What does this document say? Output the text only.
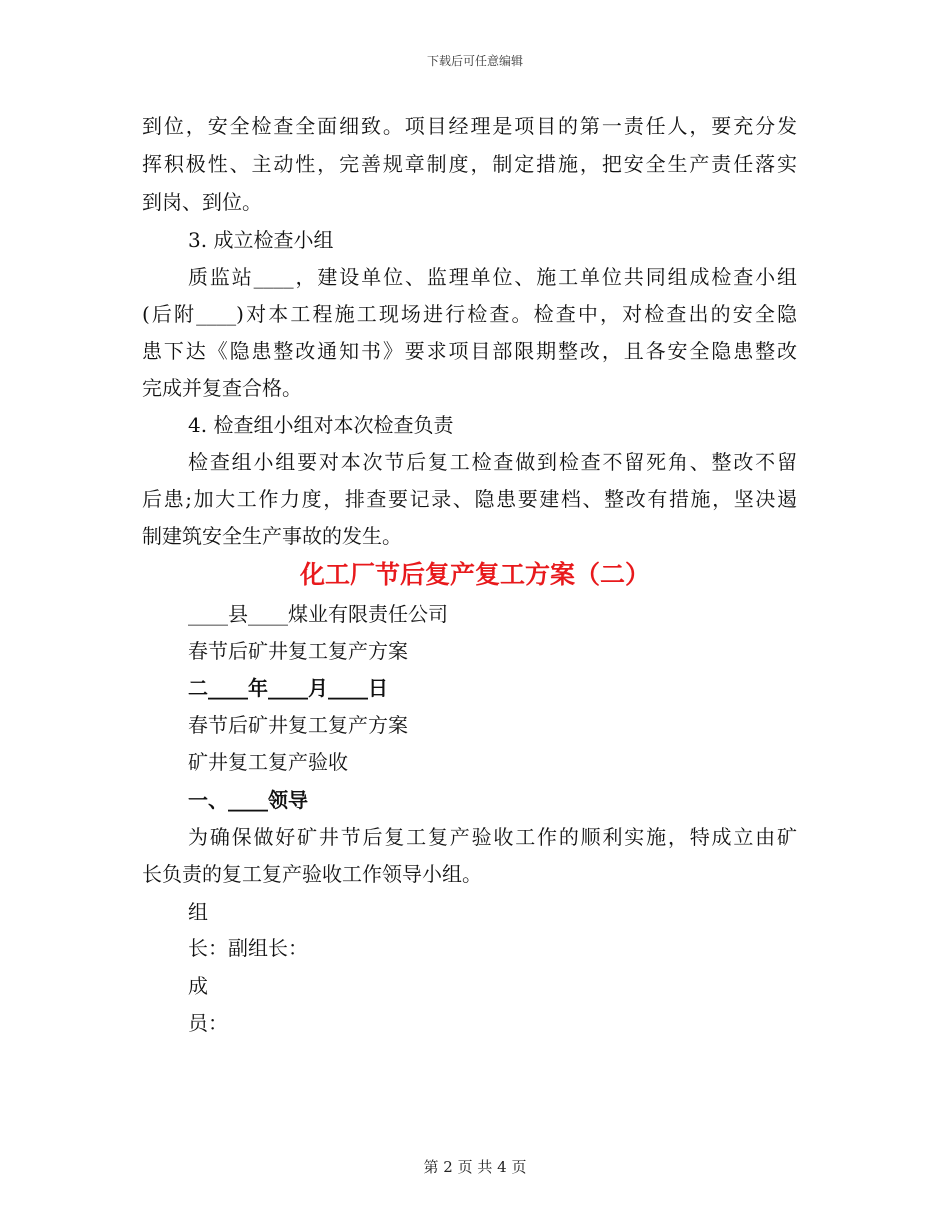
下载后可任意编辑
到位，安全检查全面细致。项目经理是项目的第一责任人，要充分发
挥积极性、主动性，完善规章制度，制定措施，把安全生产责任落实
到岗、到位。
3. 成立检查小组
质监站____，建设单位、监理单位、施工单位共同组成检查小组
(后附____)对本工程施工现场进行检查。检查中，对检查出的安全隐
患下达《隐患整改通知书》要求项目部限期整改，且各安全隐患整改
完成并复查合格。
4. 检查组小组对本次检查负责
检查组小组要对本次节后复工检查做到检查不留死角、整改不留
后患;加大工作力度，排查要记录、隐患要建档、整改有措施，坚决遏
制建筑安全生产事故的发生。
化工厂节后复产复工方案（二）
____县____煤业有限责任公司
春节后矿井复工复产方案
二____年____月____日
春节后矿井复工复产方案
矿井复工复产验收
一、____领导
为确保做好矿井节后复工复产验收工作的顺利实施，特成立由矿
长负责的复工复产验收工作领导小组。
组
长：副组长：
成
员：
第 2 页 共 4 页
